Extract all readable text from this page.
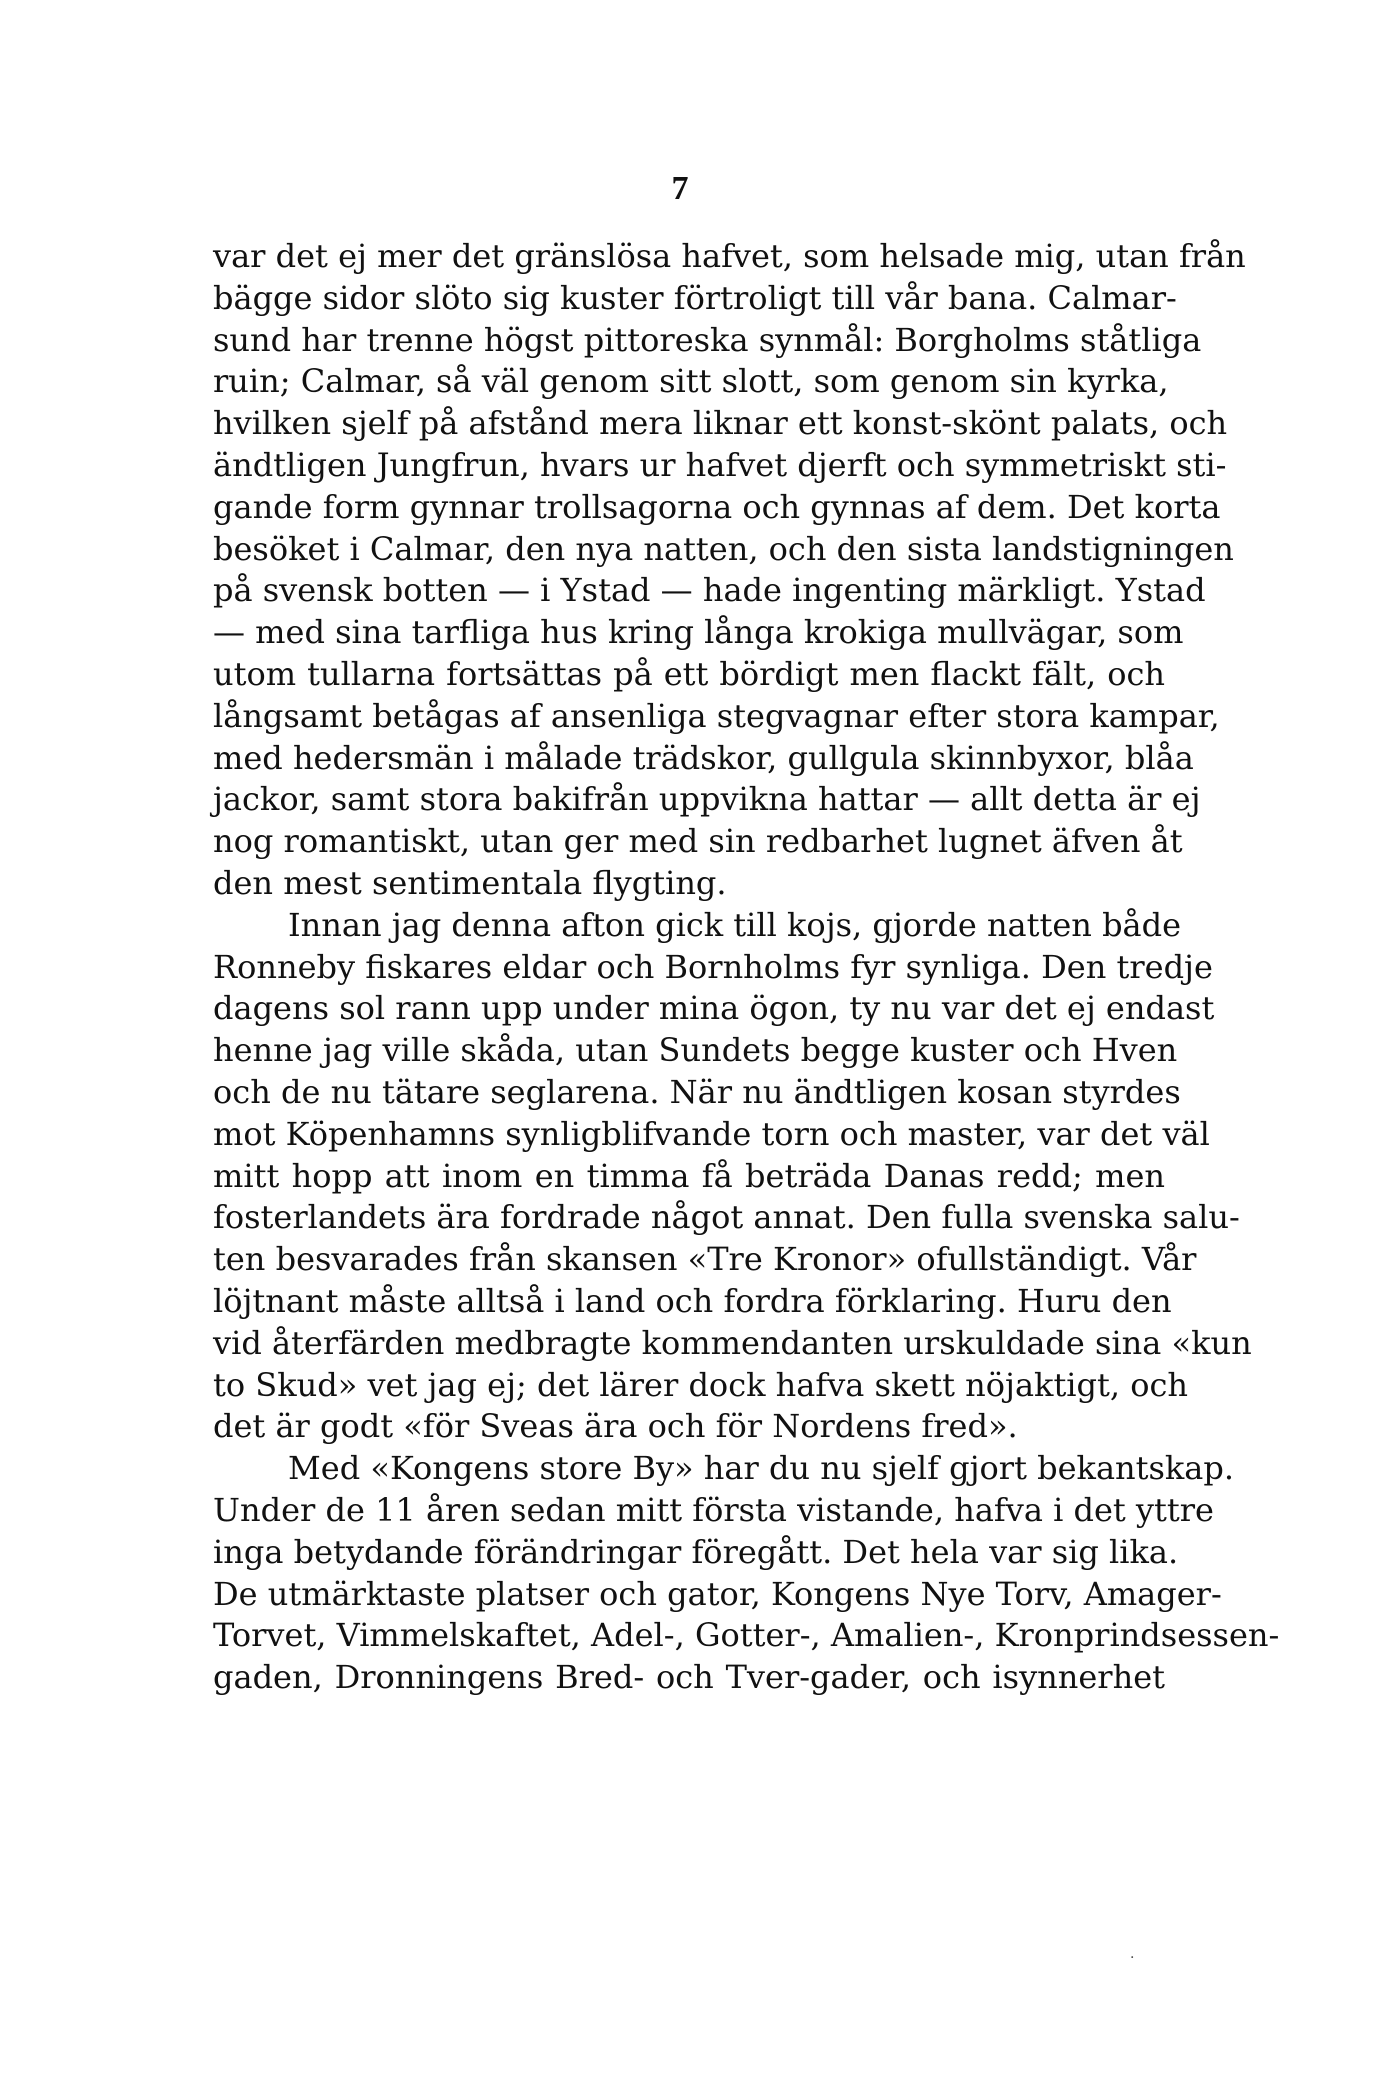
7
var det ej mer det gränslösa hafvet, som helsade mig, utan från
bägge sidor slöto sig kuster förtroligt till vår bana. Calmar-
sund har trenne högst pittoreska synmål: Borgholms ståtliga
ruin; Calmar, så väl genom sitt slott, som genom sin kyrka,
hvilken sjelf på afstånd mera liknar ett konst-skönt palats, och
ändtligen Jungfrun, hvars ur hafvet djerft och symmetriskt sti-
gande form gynnar trollsagorna och gynnas af dem. Det korta
besöket i Calmar, den nya natten, och den sista landstigningen
på svensk botten — i Ystad — hade ingenting märkligt. Ystad
— med sina tarfliga hus kring långa krokiga mullvägar, som
utom tullarna fortsättas på ett bördigt men flackt fält, och
långsamt betågas af ansenliga stegvagnar efter stora kampar,
med hedersmän i målade trädskor, gullgula skinnbyxor, blåa
jackor, samt stora bakifrån uppvikna hattar — allt detta är ej
nog romantiskt, utan ger med sin redbarhet lugnet äfven åt
den mest sentimentala flygting.
Innan jag denna afton gick till kojs, gjorde natten både
Ronneby fiskares eldar och Bornholms fyr synliga. Den tredje
dagens sol rann upp under mina ögon, ty nu var det ej endast
henne jag ville skåda, utan Sundets begge kuster och Hven
och de nu tätare seglarena. När nu ändtligen kosan styrdes
mot Köpenhamns synligblifvande torn och master, var det väl
mitt hopp att inom en timma få beträda Danas redd; men
fosterlandets ära fordrade något annat. Den fulla svenska salu-
ten besvarades från skansen «Tre Kronor» ofullständigt. Vår
löjtnant måste alltså i land och fordra förklaring. Huru den
vid återfärden medbragte kommendanten urskuldade sina «kun
to Skud» vet jag ej; det lärer dock hafva skett nöjaktigt, och
det är godt «för Sveas ära och för Nordens fred».
Med «Kongens store By» har du nu sjelf gjort bekantskap.
Under de 11 åren sedan mitt första vistande, hafva i det yttre
inga betydande förändringar föregått. Det hela var sig lika.
De utmärktaste platser och gator, Kongens Nye Torv, Amager-
Torvet, Vimmelskaftet, Adel-, Gotter-, Amalien-, Kronprindsessen-
gaden, Dronningens Bred- och Tver-gader, och isynnerhet
·
